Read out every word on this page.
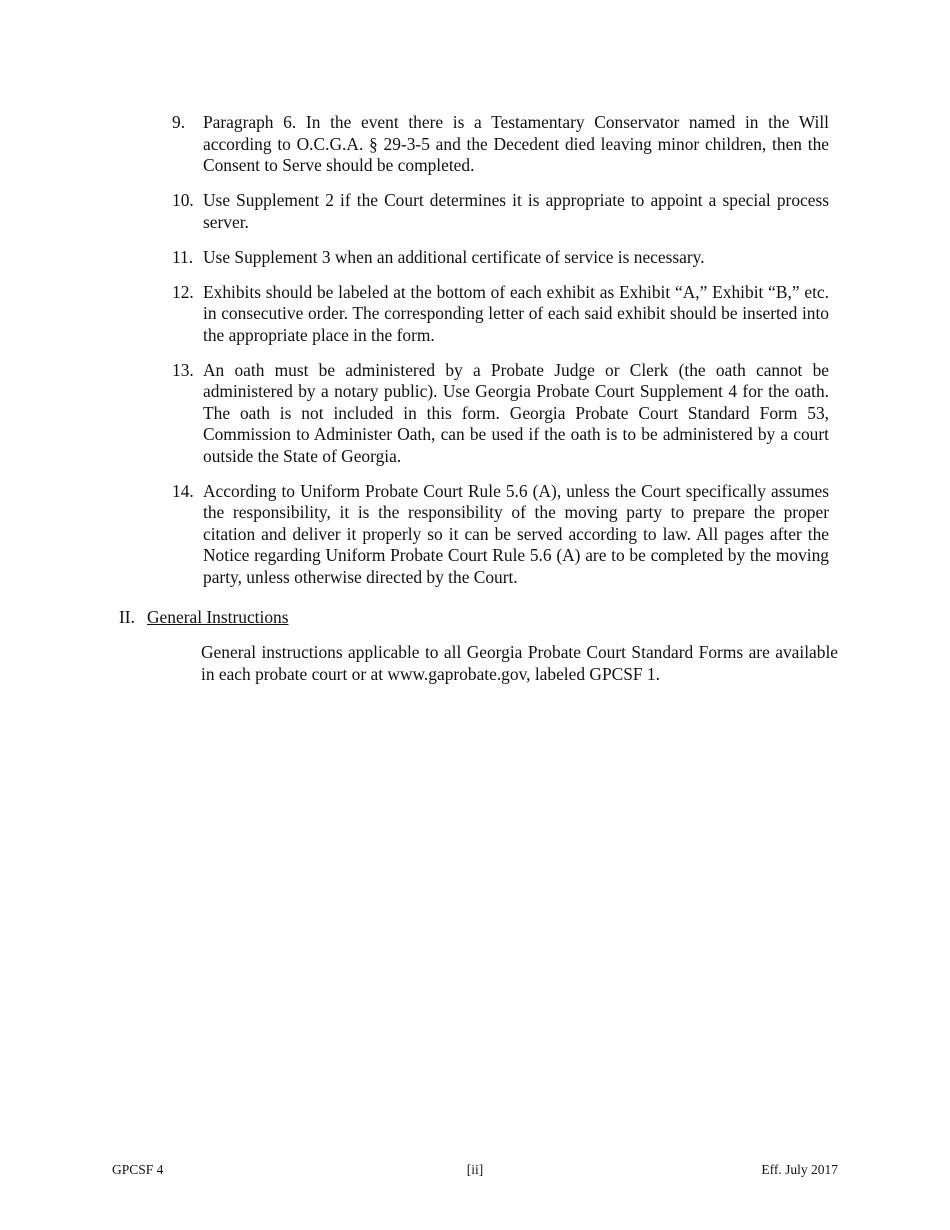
9.	Paragraph 6. In the event there is a Testamentary Conservator named in the Will according to O.C.G.A. § 29-3-5 and the Decedent died leaving minor children, then the Consent to Serve should be completed.
10. Use Supplement 2 if the Court determines it is appropriate to appoint a special process server.
11. Use Supplement 3 when an additional certificate of service is necessary.
12. Exhibits should be labeled at the bottom of each exhibit as Exhibit “A,” Exhibit “B,” etc. in consecutive order. The corresponding letter of each said exhibit should be inserted into the appropriate place in the form.
13. An oath must be administered by a Probate Judge or Clerk (the oath cannot be administered by a notary public). Use Georgia Probate Court Supplement 4 for the oath. The oath is not included in this form. Georgia Probate Court Standard Form 53, Commission to Administer Oath, can be used if the oath is to be administered by a court outside the State of Georgia.
14. According to Uniform Probate Court Rule 5.6 (A), unless the Court specifically assumes the responsibility, it is the responsibility of the moving party to prepare the proper citation and deliver it properly so it can be served according to law. All pages after the Notice regarding Uniform Probate Court Rule 5.6 (A) are to be completed by the moving party, unless otherwise directed by the Court.
II. General Instructions

General instructions applicable to all Georgia Probate Court Standard Forms are available in each probate court or at www.gaprobate.gov, labeled GPCSF 1.

GPCSF 4	[ii]	Eff. July 2017
